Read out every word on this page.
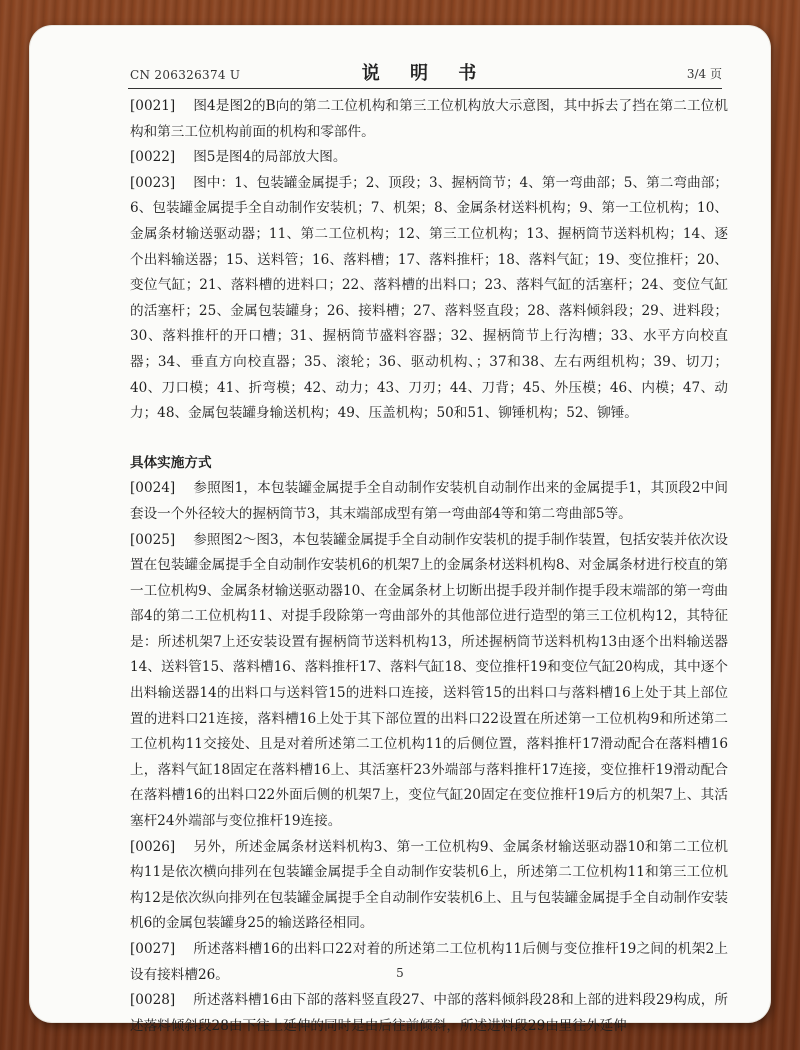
CN 206326374 U	说 明 书	3/4 页

[0021] 图4是图2的B向的第二工位机构和第三工位机构放大示意图，其中拆去了挡在第二工位机构和第三工位机构前面的机构和零部件。

[0022] 图5是图4的局部放大图。

[0023] 图中：1、包装罐金属提手；2、顶段；3、握柄筒节；4、第一弯曲部；5、第二弯曲部；6、包装罐金属提手全自动制作安装机；7、机架；8、金属条材送料机构；9、第一工位机构；10、金属条材输送驱动器；11、第二工位机构；12、第三工位机构；13、握柄筒节送料机构；14、逐个出料输送器；15、送料管；16、落料槽；17、落料推杆；18、落料气缸；19、变位推杆；20、变位气缸；21、落料槽的进料口；22、落料槽的出料口；23、落料气缸的活塞杆；24、变位气缸的活塞杆；25、金属包装罐身；26、接料槽；27、落料竖直段；28、落料倾斜段；29、进料段；30、落料推杆的开口槽；31、握柄筒节盛料容器；32、握柄筒节上行沟槽；33、水平方向校直器；34、垂直方向校直器；35、滚轮；36、驱动机构、；37和38、左右两组机构；39、切刀；40、刀口模；41、折弯模；42、动力；43、刀刃；44、刀背；45、外压模；46、内模；47、动力；48、金属包装罐身输送机构；49、压盖机构；50和51、铆锤机构；52、铆锤。

具体实施方式

[0024] 参照图1，本包装罐金属提手全自动制作安装机自动制作出来的金属提手1，其顶段2中间套设一个外径较大的握柄筒节3，其末端部成型有第一弯曲部4等和第二弯曲部5等。

[0025] 参照图2～图3，本包装罐金属提手全自动制作安装机的提手制作装置，包括安装并依次设置在包装罐金属提手全自动制作安装机6的机架7上的金属条材送料机构8、对金属条材进行校直的第一工位机构9、金属条材输送驱动器10、在金属条材上切断出提手段并制作提手段末端部的第一弯曲部4的第二工位机构11、对提手段除第一弯曲部外的其他部位进行造型的第三工位机构12，其特征是：所述机架7上还安装设置有握柄筒节送料机构13，所述握柄筒节送料机构13由逐个出料输送器14、送料管15、落料槽16、落料推杆17、落料气缸18、变位推杆19和变位气缸20构成，其中逐个出料输送器14的出料口与送料管15的进料口连接，送料管15的出料口与落料槽16上处于其上部位置的进料口21连接，落料槽16上处于其下部位置的出料口22设置在所述第一工位机构9和所述第二工位机构11交接处、且是对着所述第二工位机构11的后侧位置，落料推杆17滑动配合在落料槽16上，落料气缸18固定在落料槽16上、其活塞杆23外端部与落料推杆17连接，变位推杆19滑动配合在落料槽16的出料口22外面后侧的机架7上，变位气缸20固定在变位推杆19后方的机架7上、其活塞杆24外端部与变位推杆19连接。

[0026] 另外，所述金属条材送料机构3、第一工位机构9、金属条材输送驱动器10和第二工位机构11是依次横向排列在包装罐金属提手全自动制作安装机6上，所述第二工位机构11和第三工位机构12是依次纵向排列在包装罐金属提手全自动制作安装机6上、且与包装罐金属提手全自动制作安装机6的金属包装罐身25的输送路径相同。

[0027] 所述落料槽16的出料口22对着的所述第二工位机构11后侧与变位推杆19之间的机架2上设有接料槽26。

[0028] 所述落料槽16由下部的落料竖直段27、中部的落料倾斜段28和上部的进料段29构成，所述落料倾斜段28由下往上延伸的同时是由后往前倾斜，所述进料段29由里往外延伸

5
